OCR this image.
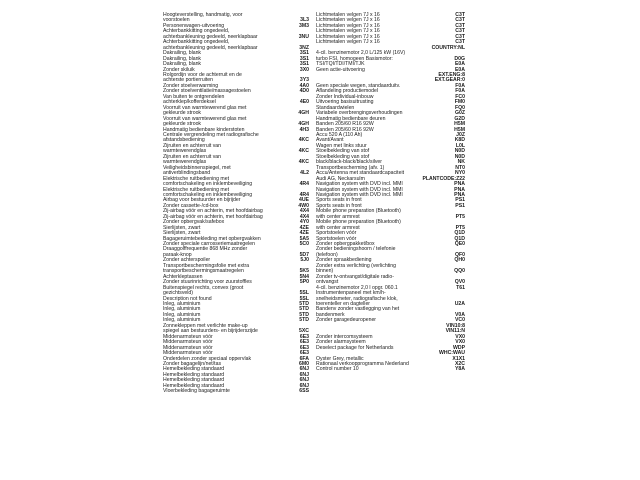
Hoogteverstelling, handmatig, voor
voorstoelen	3L3
Personenwagen-uitvoering	3M3
Achterbankkitting ongedeeld,
achterbankleuning gedeeld, neerklapbaar	3NU
Achterbankkitting ongedeeld,
achterbankleuning gedeeld, neerklapbaar	3NZ
Dakrailing, blank	3S1
Dakrailing, blank	3S1
Dakrailing, blank	3S1
Zonder skiluik	3X0
Rolgordijn voor de achterruit en de
achterste portierruiten	3Y3
Zonder stoelverwarming	4A0
Zonder stoelventilatie/massagestoelen	4D0
Van buiten te ontgrendelen
achterklep/kofferdeksel	4E0
Voorruit van warmtewerend glas met
gekleurde strook	4GH
Voorruit van warmtewerend glas met
gekleurde strook	4GH
Handmatig bedienbare kinderstoten	4H3
Centrale vergrendeling met radiografische
afstandsbediening	4KC
Zijruiten en achterruit van
warmtewerendglas	4KC
Zijruiten en achterruit van
warmtewerendglas	4KC
Veiligheidsbinnenspiegel, met
antiverblindingsband	4L2
Elektrische ruitbediening met
comfortschakeling en inklembeveiliging	4R4
Elektrische ruitbediening met
comfortschakeling en inklembeveiliging	4R4
Airbag voor bestuurder en bijrijder	4UE
Zonder cassette-/cd-box	4W0
Zij-airbag vóór en achterin, met hoofdairbag	4X4
Zij-airbag vóór en achterin, met hoofdairbag	4X4
Zonder opbergvak/safebox	4Y0
Sierlijsten, zwart	4ZE
Sierlijsten, zwart	4ZE
Bagageruimtebekleding met opbergvakken	5A5
Zonder speciale carrosseriemaatregelen	5C0
Draaggolffrequentie 868 MHz zonder
paraak-knop	5D7
Zonder achterspoiler	5J0
Transportbeschermingsfolie met extra
transportbeschermingsmaatregelen	5K5
Achterkleptassen	5N4
Zonder stuurinrichting voor zuurstoffles	5P0
Buitenspiegel rechts, convex (groot
gezichtsveld)	5SL
Description not found	5SL
Inleg, aluminium	5TD
Inleg, aluminium	5TD
Inleg, aluminium	5TD
Inleg, aluminium	5TD
Zonnekleppen met verlichte make-up
spiegel aan bestuurders- en bijrijderszijde	5XC
Middenarmsteun vóór	6E3
Middenarmsteun vóór	6E3
Middenarmsteun vóór	6E3
Middenarmsteun vóór	6E3
Onderdelen zonder speciaal oppervlak	6FA
Zonder bagagelijn/net/tas	6M0
Hemelbekleding standaard	6NJ
Hemelbekleding standaard	6NJ
Hemelbekleding standaard	6NJ
Hemelbekleding standaard	6NJ
Vloerbekleding bagageruimte	6SS
Lichtmetalen velgen 7J x 16	C3T
Lichtmetalen velgen 7J x 16	C3T
Lichtmetalen velgen 7J x 16	C3T
Lichtmetalen velgen 7J x 16	C3T
Lichtmetalen velgen 7J x 16	C3T
Lichtmetalen velgen 7J x 16	C3T
COUNTRY:NL
4-cil. benzinemotor 2,0 L/125 kW (16V)
turbo FSI, homogeen Basismotor:	D0G
TSI/TQI/TDI/TMI/TJK	E0A
Geen actie-uitvoering	E0A
EXT.ENG:8
EXT.GEAR:0
Geen speciale wegen, standaarduitv.	F0A
Aflandeling productiemodel	F0A
Zonder Individual-inbouw	FC0
Uitvoering basisuitrusting	FM0
Standaardwielen	FQ0
Variabele overbrengingsverhoudingen	G0Z
Handmatig bedienbare deuren	G2D
Banden 205/60 R16 92W	H5M
Banden 205/60 R16 92W	H5M
Accu 520 A (110 Ah)	J0Z
Avant/Avant	K8D
Wagen met links stuur	L0L
Stoelbekleding van stof	N0D
Stoelbekleding van stof	N0D
black/black-black/black/silver	NK
Transportbescherming (afv. 1)	NT0
Accu/Antenna met standaardcapaciteit	NY0
Audi AG, Neckarsulm	PLANTCODE:Z22
Navigation system with DVD incl. MMI	PNA
Navigation system with DVD incl. MMI	PNA
Navigation system with DVD incl. MMI	PNA
Sports seats in front	PS1
Sports seats in front	PS1
Mobile phone preparation (Bluetooth)
with center armrest	PT5
Mobile phone preparation (Bluetooth)
with center armrest	PT5
Sportstoelen vóór	Q1D
Sportstoelen vóór	Q1D
Zonder opbergpakket/box	QE0
Zonder bedieningshoorn / telefonie
(telefoon)	QF0
Zonder spraakbediening	QH0
Zonder extra verlichting (verlichting
binnen)	QQ0
Zonder tv-ontvangst/digitale radio-
ontvangst	QV0
4-cil. benzinemotor 2,0 l opgr. 060.1	T61
Instrumentenpaneel met km/h-
snelheidsmeter, radiografische klok,
toerenteller en dagteller	U2A
Bandenv zonder vastlegging van het
bandenmerk	V0A
Zonder garagedeuropener	VC0
VIN10:8
VIN11:N
Zonder intercomsysteem	VX0
Zonder alarmsysteem	VX0
Deselect package for Netherlands	WDP
WHC:WAU
Oyster Grey, metallic	X1X1
Rationaal verkoopprogramma Nederland	X2C
Control number 10	Y8A
